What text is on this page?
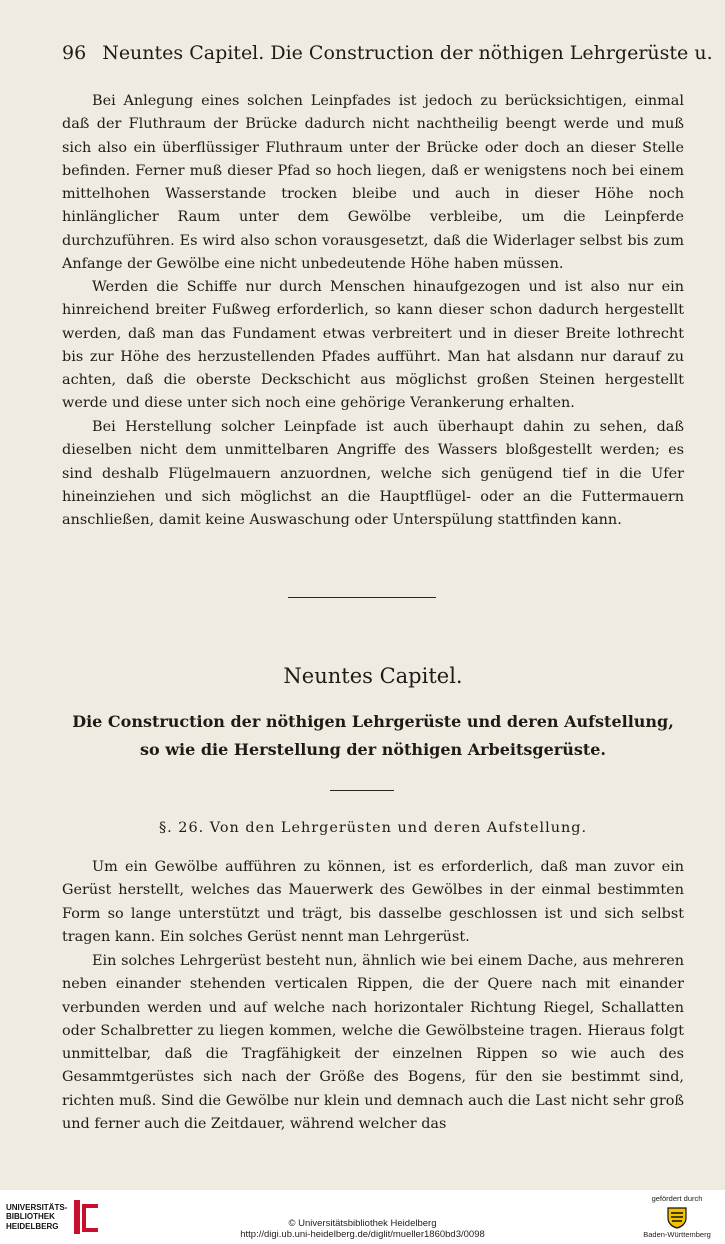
96 Neuntes Capitel. Die Construction der nöthigen Lehrgerüste u.

Bei Anlegung eines solchen Leinpfades ist jedoch zu berücksichtigen, einmal daß der Fluthraum der Brücke dadurch nicht nachtheilig beengt werde und muß sich also ein überflüssiger Fluthraum unter der Brücke oder doch an dieser Stelle befinden. Ferner muß dieser Pfad so hoch liegen, daß er wenigstens noch bei einem mittelhohen Wasserstande trocken bleibe und auch in dieser Höhe noch hinlänglicher Raum unter dem Gewölbe verbleibe, um die Leinpferde durchzuführen. Es wird also schon vorausgesetzt, daß die Widerlager selbst bis zum Anfange der Gewölbe eine nicht unbedeutende Höhe haben müssen.

Werden die Schiffe nur durch Menschen hinaufgezogen und ist also nur ein hinreichend breiter Fußweg erforderlich, so kann dieser schon dadurch hergestellt werden, daß man das Fundament etwas verbreitert und in dieser Breite lothrecht bis zur Höhe des herzustellenden Pfades aufführt. Man hat alsdann nur darauf zu achten, daß die oberste Deckschicht aus möglichst großen Steinen hergestellt werde und diese unter sich noch eine gehörige Verankerung erhalten.

Bei Herstellung solcher Leinpfade ist auch überhaupt dahin zu sehen, daß dieselben nicht dem unmittelbaren Angriffe des Wassers bloßgestellt werden; es sind deshalb Flügelmauern anzuordnen, welche sich genügend tief in die Ufer hineinziehen und sich möglichst an die Hauptflügel- oder an die Futtermauern anschließen, damit keine Auswaschung oder Unterspülung stattfinden kann.

Neuntes Capitel.
Die Construction der nöthigen Lehrgerüste und deren Aufstellung,
so wie die Herstellung der nöthigen Arbeitsgerüste.
§. 26. Von den Lehrgerüsten und deren Aufstellung.

Um ein Gewölbe aufführen zu können, ist es erforderlich, daß man zuvor ein Gerüst herstellt, welches das Mauerwerk des Gewölbes in der einmal bestimmten Form so lange unterstützt und trägt, bis dasselbe geschlossen ist und sich selbst tragen kann. Ein solches Gerüst nennt man Lehrgerüst.

Ein solches Lehrgerüst besteht nun, ähnlich wie bei einem Dache, aus mehreren neben einander stehenden verticalen Rippen, die der Quere nach mit einander verbunden werden und auf welche nach horizontaler Richtung Riegel, Schallatten oder Schalbretter zu liegen kommen, welche die Gewölbsteine tragen. Hieraus folgt unmittelbar, daß die Tragfähigkeit der einzelnen Rippen so wie auch des Gesammtgerüstes sich nach der Größe des Bogens, für den sie bestimmt sind, richten muß. Sind die Gewölbe nur klein und demnach auch die Last nicht sehr groß und ferner auch die Zeitdauer, während welcher das

UNIVERSITÄTS-
BIBLIOTHEK
HEIDELBERG	© Universitätsbibliothek Heidelberg
http://digi.ub.uni-heidelberg.de/diglit/mueller1860bd3/0098
gefördert durch
Baden-Württemberg
